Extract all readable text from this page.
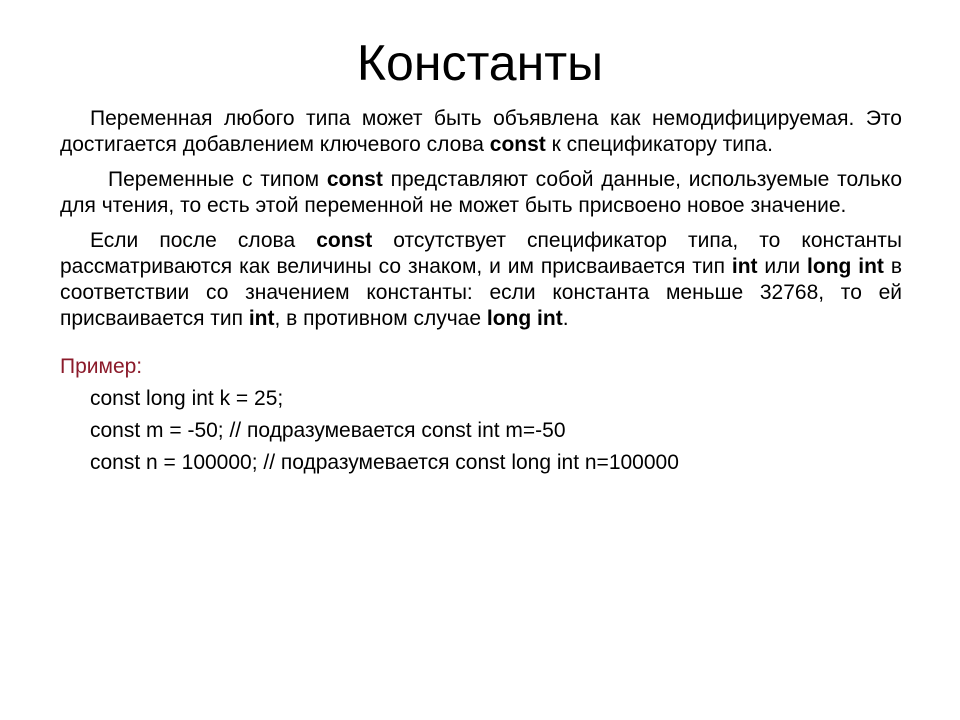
Константы

Переменная любого типа может быть объявлена как немодифицируемая. Это достигается добавлением ключевого слова const к спецификатору типа.

Переменные с типом const представляют собой данные, используемые только для чтения, то есть этой переменной не может быть присвоено новое значение.

Если после слова const отсутствует спецификатор типа, то константы рассматриваются как величины со знаком, и им присваивается тип int или long int в соответствии со значением константы: если константа меньше 32768, то ей присваивается тип int, в противном случае long int.

Пример:
const long int k = 25;
const m = -50; // подразумевается const int m=-50
const n = 100000; // подразумевается const long int n=100000
